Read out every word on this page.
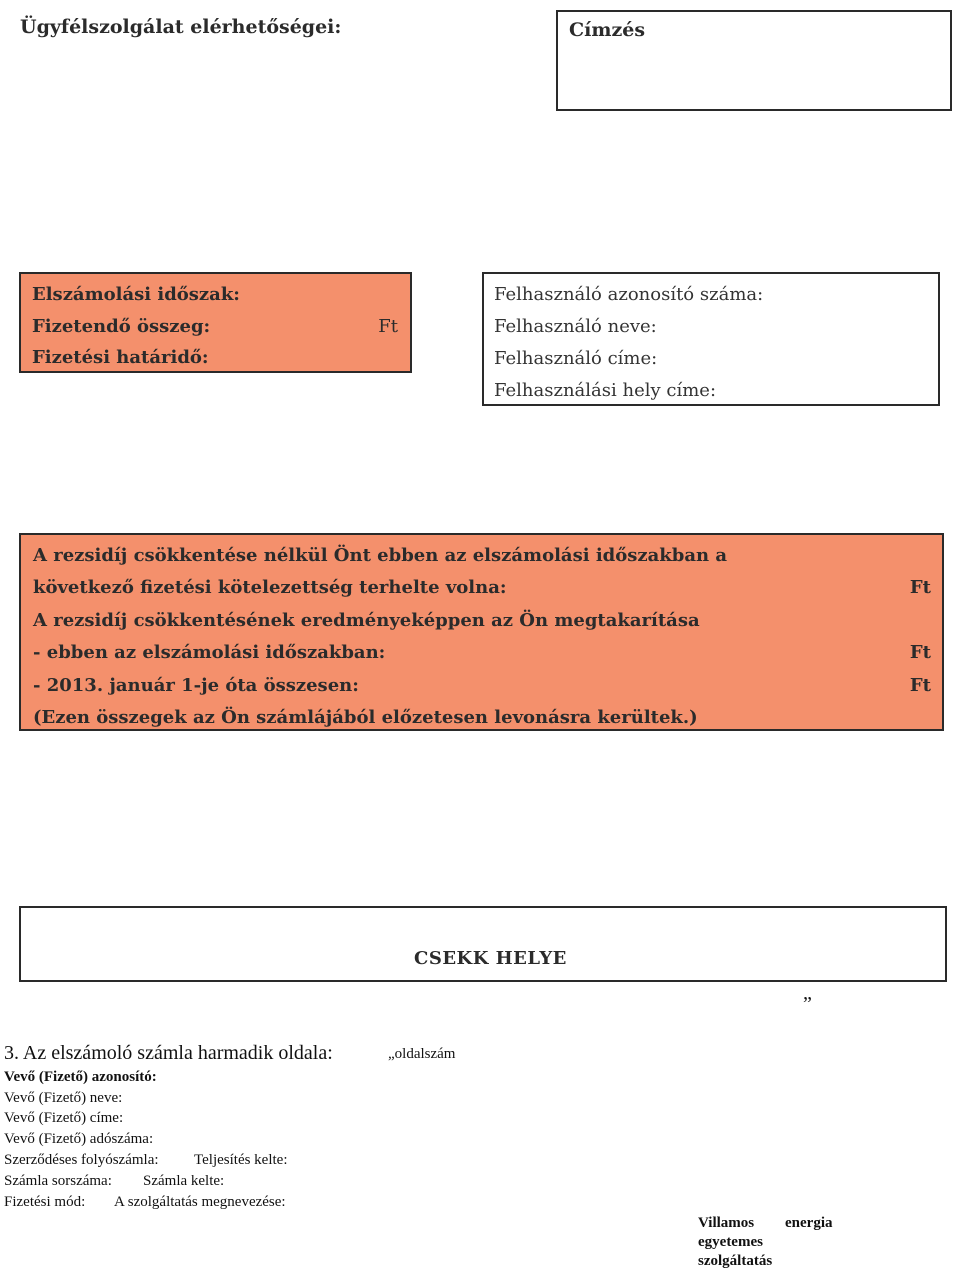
Ügyfélszolgálat elérhetőségei:	Címzés
Elszámolási időszak:
Fizetendő összeg:	Ft
Fizetési határidő:
Felhasználó azonosító száma:
Felhasználó neve:
Felhasználó címe:
Felhasználási hely címe:
A rezsidíj csökkentése nélkül Önt ebben az elszámolási időszakban a
következő fizetési kötelezettség terhelte volna:	Ft
A rezsidíj csökkentésének eredményeképpen az Ön megtakarítása
- ebben az elszámolási időszakban:	Ft
- 2013. január 1-je óta összesen:	Ft
(Ezen összegek az Ön számlájából előzetesen levonásra kerültek.)
CSEKK HELYE
”
3. Az elszámoló számla harmadik oldala:	„oldalszám
Vevő (Fizető) azonosító:
Vevő (Fizető) neve:
Vevő (Fizető) címe:
Vevő (Fizető) adószáma:
Szerződéses folyószámla: Teljesítés kelte:
Számla sorszáma: Számla kelte:
Fizetési mód: A szolgáltatás megnevezése:
Villamos energia
egyetemes
szolgáltatás
